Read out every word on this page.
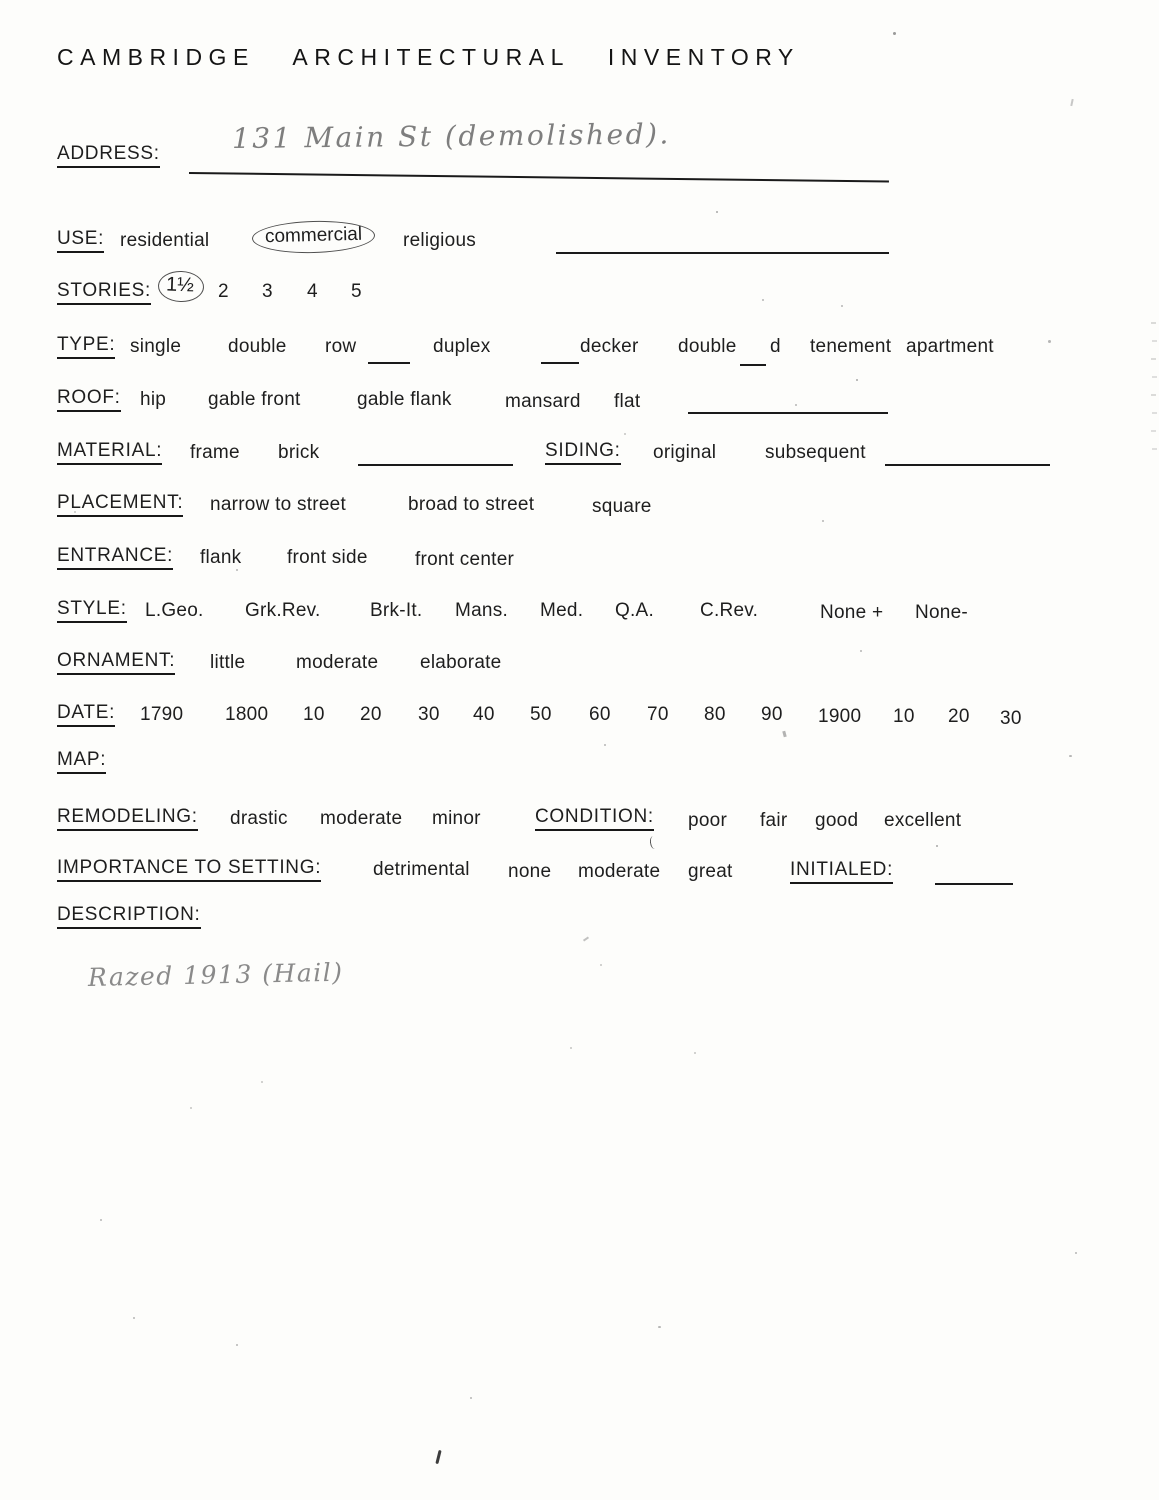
CAMBRIDGE ARCHITECTURAL INVENTORY
ADDRESS:	131 Main St (demolished).
USE: residential	commercial	religious
STORIES: 1½	2 3 4 5
TYPE: single double row	duplex	decker double d tenement apartment
ROOF: hip gable front	gable flank	mansard flat
MATERIAL: frame brick	SIDING: original	subsequent
PLACEMENT: narrow to street	broad to street	square
ENTRANCE: flank front side front center
STYLE: L.Geo. Grk.Rev.	Brk-It. Mans. Med. Q.A. C.Rev.	None + None-
ORNAMENT: little	moderate elaborate
DATE: 1790 1800 10 20 30 40 50 60 70 80 90 1900 10 20 30
MAP:
REMODELING: drastic moderate minor	CONDITION: poor fair good excellent
IMPORTANCE TO SETTING:	detrimental none moderate great	INITIALED:
DESCRIPTION:
Razed 1913 (Hail)
